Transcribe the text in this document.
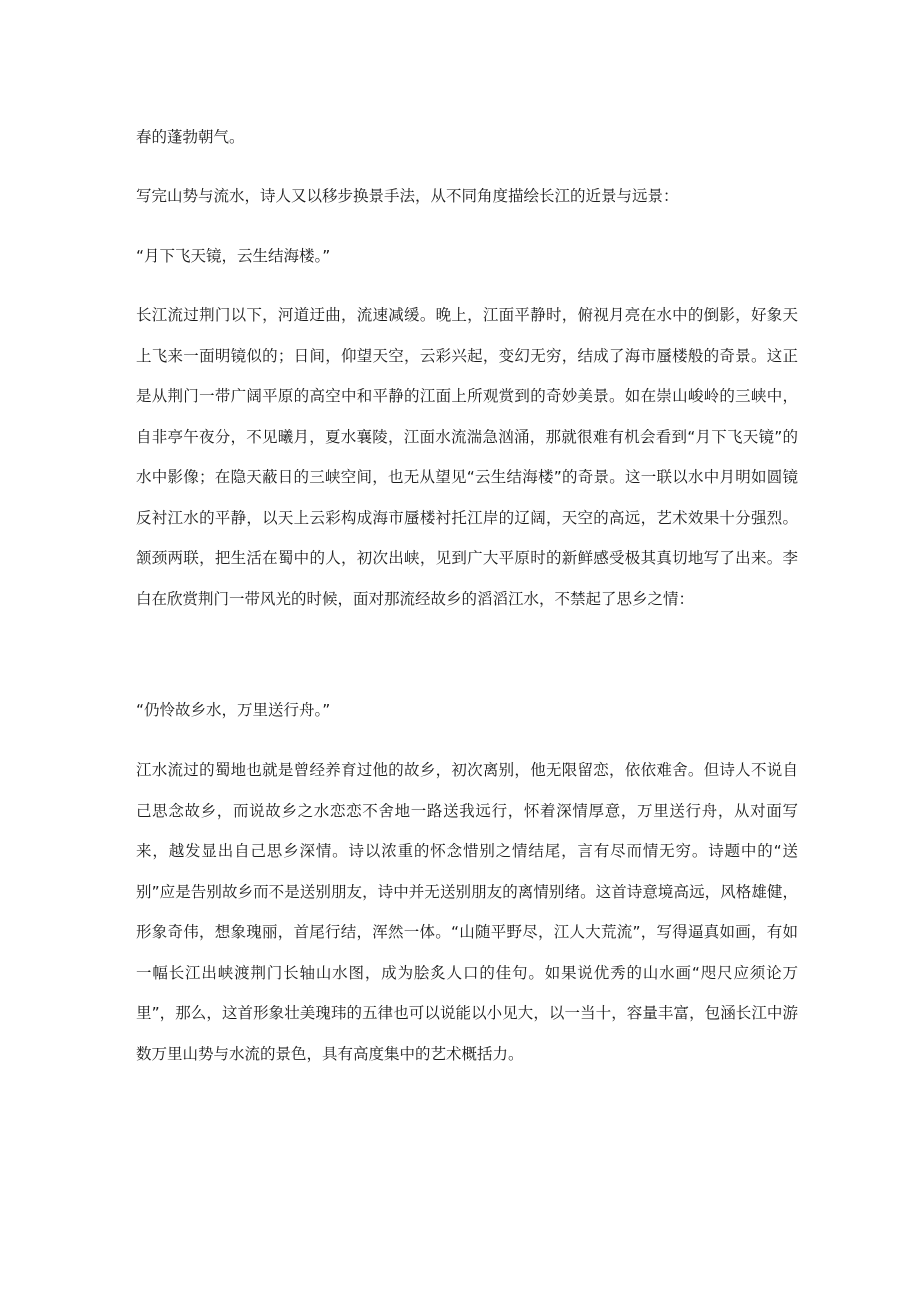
春的蓬勃朝气。

写完山势与流水，诗人又以移步换景手法，从不同角度描绘长江的近景与远景：

“月下飞天镜，云生结海楼。”

长江流过荆门以下，河道迂曲，流速减缓。晚上，江面平静时，俯视月亮在水中的倒影，好象天上飞来一面明镜似的；日间，仰望天空，云彩兴起，变幻无穷，结成了海市蜃楼般的奇景。这正是从荆门一带广阔平原的高空中和平静的江面上所观赏到的奇妙美景。如在崇山峻岭的三峡中，自非亭午夜分，不见曦月，夏水襄陵，江面水流湍急汹涌，那就很难有机会看到“月下飞天镜”的水中影像；在隐天蔽日的三峡空间，也无从望见“云生结海楼”的奇景。这一联以水中月明如圆镜反衬江水的平静，以天上云彩构成海市蜃楼衬托江岸的辽阔，天空的高远，艺术效果十分强烈。颔颈两联，把生活在蜀中的人，初次出峡，见到广大平原时的新鲜感受极其真切地写了出来。李白在欣赏荆门一带风光的时候，面对那流经故乡的滔滔江水，不禁起了思乡之情：

“仍怜故乡水，万里送行舟。”

江水流过的蜀地也就是曾经养育过他的故乡，初次离别，他无限留恋，依依难舍。但诗人不说自己思念故乡，而说故乡之水恋恋不舍地一路送我远行，怀着深情厚意，万里送行舟，从对面写来，越发显出自己思乡深情。诗以浓重的怀念惜别之情结尾，言有尽而情无穷。诗题中的“送别”应是告别故乡而不是送别朋友，诗中并无送别朋友的离情别绪。这首诗意境高远，风格雄健，形象奇伟，想象瑰丽，首尾行结，浑然一体。“山随平野尽，江人大荒流”，写得逼真如画，有如一幅长江出峡渡荆门长轴山水图，成为脍炙人口的佳句。如果说优秀的山水画“咫尺应须论万里”，那么，这首形象壮美瑰玮的五律也可以说能以小见大，以一当十，容量丰富，包涵长江中游数万里山势与水流的景色，具有高度集中的艺术概括力。
